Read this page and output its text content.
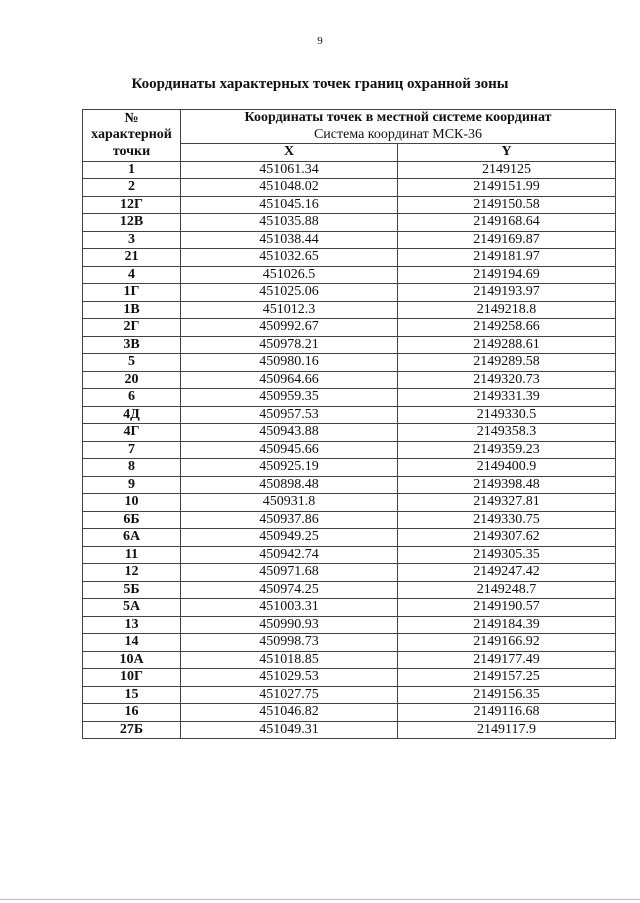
9
Координаты характерных точек границ охранной зоны
№ характерной точки	Координаты точек в местной системе координат
Система координат МСК-36	

	X	Y
1	451061.34	2149125
2	451048.02	2149151.99
12Г	451045.16	2149150.58
12В	451035.88	2149168.64
3	451038.44	2149169.87
21	451032.65	2149181.97
4	451026.5	2149194.69
1Г	451025.06	2149193.97
1В	451012.3	2149218.8
2Г	450992.67	2149258.66
3В	450978.21	2149288.61
5	450980.16	2149289.58
20	450964.66	2149320.73
6	450959.35	2149331.39
4Д	450957.53	2149330.5
4Г	450943.88	2149358.3
7	450945.66	2149359.23
8	450925.19	2149400.9
9	450898.48	2149398.48
10	450931.8	2149327.81
6Б	450937.86	2149330.75
6А	450949.25	2149307.62
11	450942.74	2149305.35
12	450971.68	2149247.42
5Б	450974.25	2149248.7
5А	451003.31	2149190.57
13	450990.93	2149184.39
14	450998.73	2149166.92
10А	451018.85	2149177.49
10Г	451029.53	2149157.25
15	451027.75	2149156.35
16	451046.82	2149116.68
27Б	451049.31	2149117.9
